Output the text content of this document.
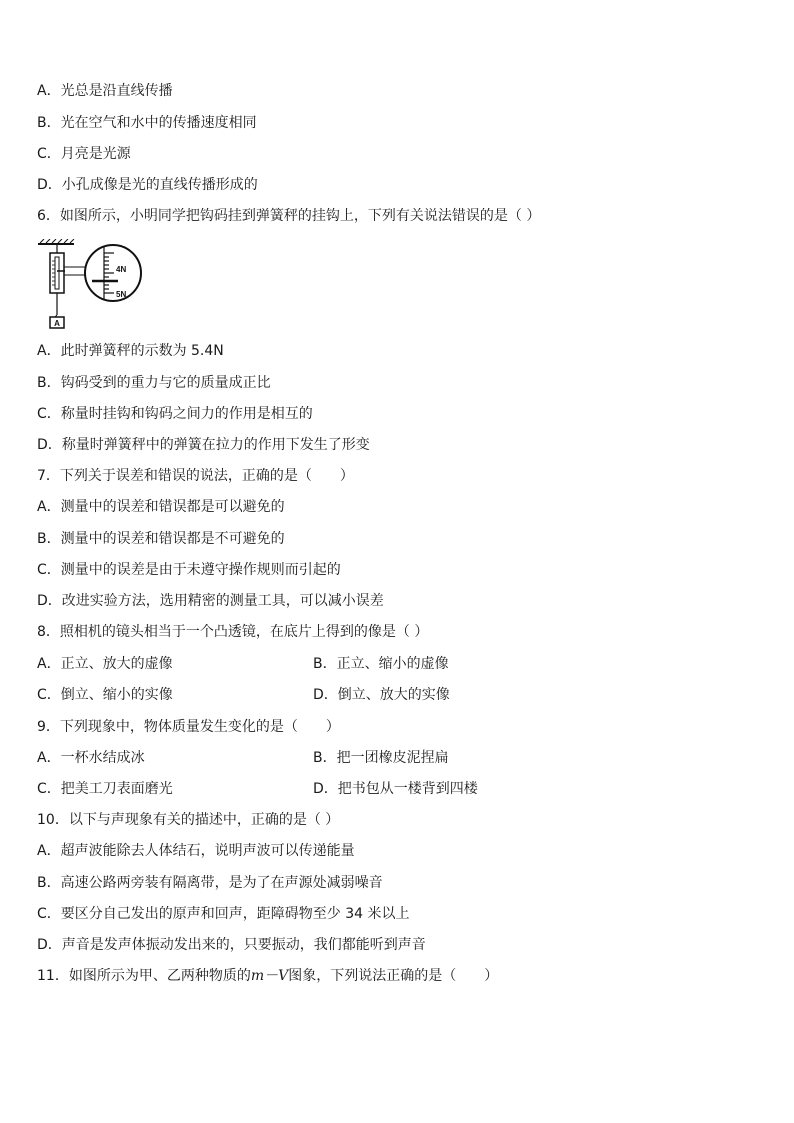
A．光总是沿直线传播
B．光在空气和水中的传播速度相同
C．月亮是光源
D．小孔成像是光的直线传播形成的
6．如图所示，小明同学把钩码挂到弹簧秤的挂钩上，下列有关说法错误的是（ ）
A
4N
5N
A．此时弹簧秤的示数为 5.4N
B．钩码受到的重力与它的质量成正比
C．称量时挂钩和钩码之间力的作用是相互的
D．称量时弹簧秤中的弹簧在拉力的作用下发生了形变
7．下列关于误差和错误的说法，正确的是（　　）
A．测量中的误差和错误都是可以避免的
B．测量中的误差和错误都是不可避免的
C．测量中的误差是由于未遵守操作规则而引起的
D．改进实验方法，选用精密的测量工具，可以减小误差
8．照相机的镜头相当于一个凸透镜，在底片上得到的像是（ ）
A．正立、放大的虚像	B．正立、缩小的虚像
C．倒立、缩小的实像	D．倒立、放大的实像
9．下列现象中，物体质量发生变化的是（　　）
A．一杯水结成冰	B．把一团橡皮泥捏扁
C．把美工刀表面磨光	D．把书包从一楼背到四楼
10．以下与声现象有关的描述中，正确的是（ ）
A．超声波能除去人体结石，说明声波可以传递能量
B．高速公路两旁装有隔离带，是为了在声源处减弱噪音
C．要区分自己发出的原声和回声，距障碍物至少 34 米以上
D．声音是发声体振动发出来的，只要振动，我们都能听到声音
11．如图所示为甲、乙两种物质的m－V图象，下列说法正确的是（　　）
